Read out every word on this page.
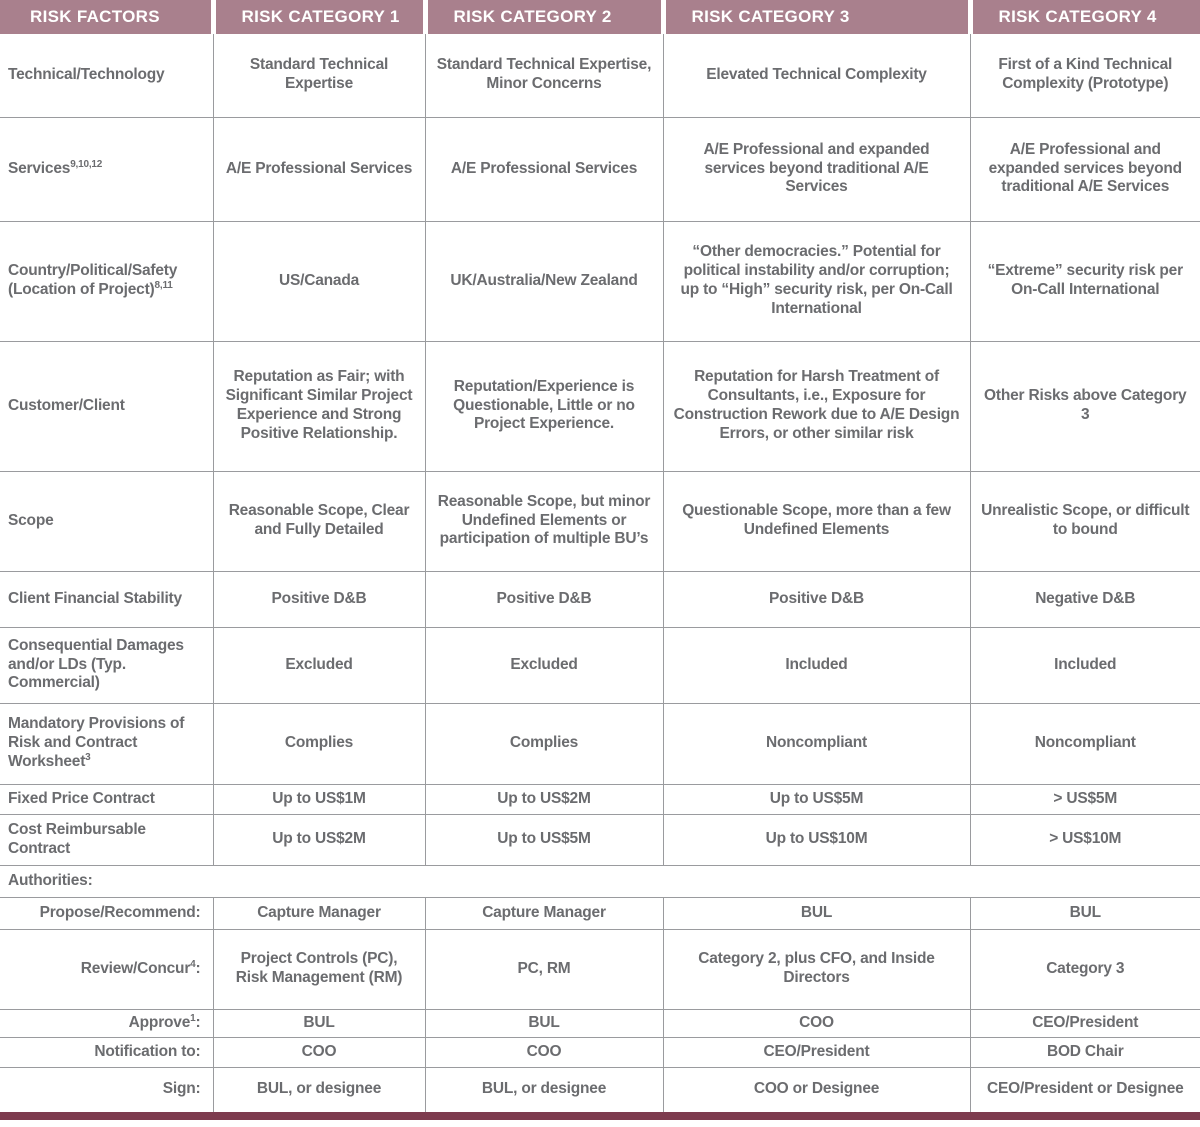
RISK FACTORS	RISK CATEGORY 1	RISK CATEGORY 2	RISK CATEGORY 3	RISK CATEGORY 4
Technical/Technology	Standard Technical Expertise	Standard Technical Expertise, Minor Concerns	Elevated Technical Complexity	First of a Kind Technical Complexity (Prototype)
Services$^{9,10,12}$	A/E Professional Services	A/E Professional Services	A/E Professional and expanded services beyond traditional A/E Services	A/E Professional and expanded services beyond traditional A/E Services
Country/Political/Safety (Location of Project)$^{8,11}$	US/Canada	UK/Australia/New Zealand	“Other democracies.” Potential for political instability and/or corruption; up to “High” security risk, per On-Call International	“Extreme” security risk per On-Call International
Customer/Client	Reputation as Fair; with Significant Similar Project Experience and Strong Positive Relationship.	Reputation/Experience is Questionable, Little or no Project Experience.	Reputation for Harsh Treatment of Consultants, i.e., Exposure for Construction Rework due to A/E Design Errors, or other similar risk	Other Risks above Category 3
Scope	Reasonable Scope, Clear and Fully Detailed	Reasonable Scope, but minor Undefined Elements or participation of multiple BU’s	Questionable Scope, more than a few Undefined Elements	Unrealistic Scope, or difficult to bound
Client Financial Stability	Positive D&B	Positive D&B	Positive D&B	Negative D&B
Consequential Damages and/or LDs (Typ. Commercial)	Excluded	Excluded	Included	Included
Mandatory Provisions of Risk and Contract Worksheet$^3$	Complies	Complies	Noncompliant	Noncompliant
Fixed Price Contract	Up to US$1M	Up to US$2M	Up to US$5M	> US$5M
Cost Reimbursable Contract	Up to US$2M	Up to US$5M	Up to US$10M	> US$10M
Authorities:				
Propose/Recommend:	Capture Manager	Capture Manager	BUL	BUL
Review/Concur$^4$:	Project Controls (PC), Risk Management (RM)	PC, RM	Category 2, plus CFO, and Inside Directors	Category 3
Approve$^1$:	BUL	BUL	COO	CEO/President
Notification to:	COO	COO	CEO/President	BOD Chair
Sign:	BUL, or designee	BUL, or designee	COO or Designee	CEO/President or Designee
